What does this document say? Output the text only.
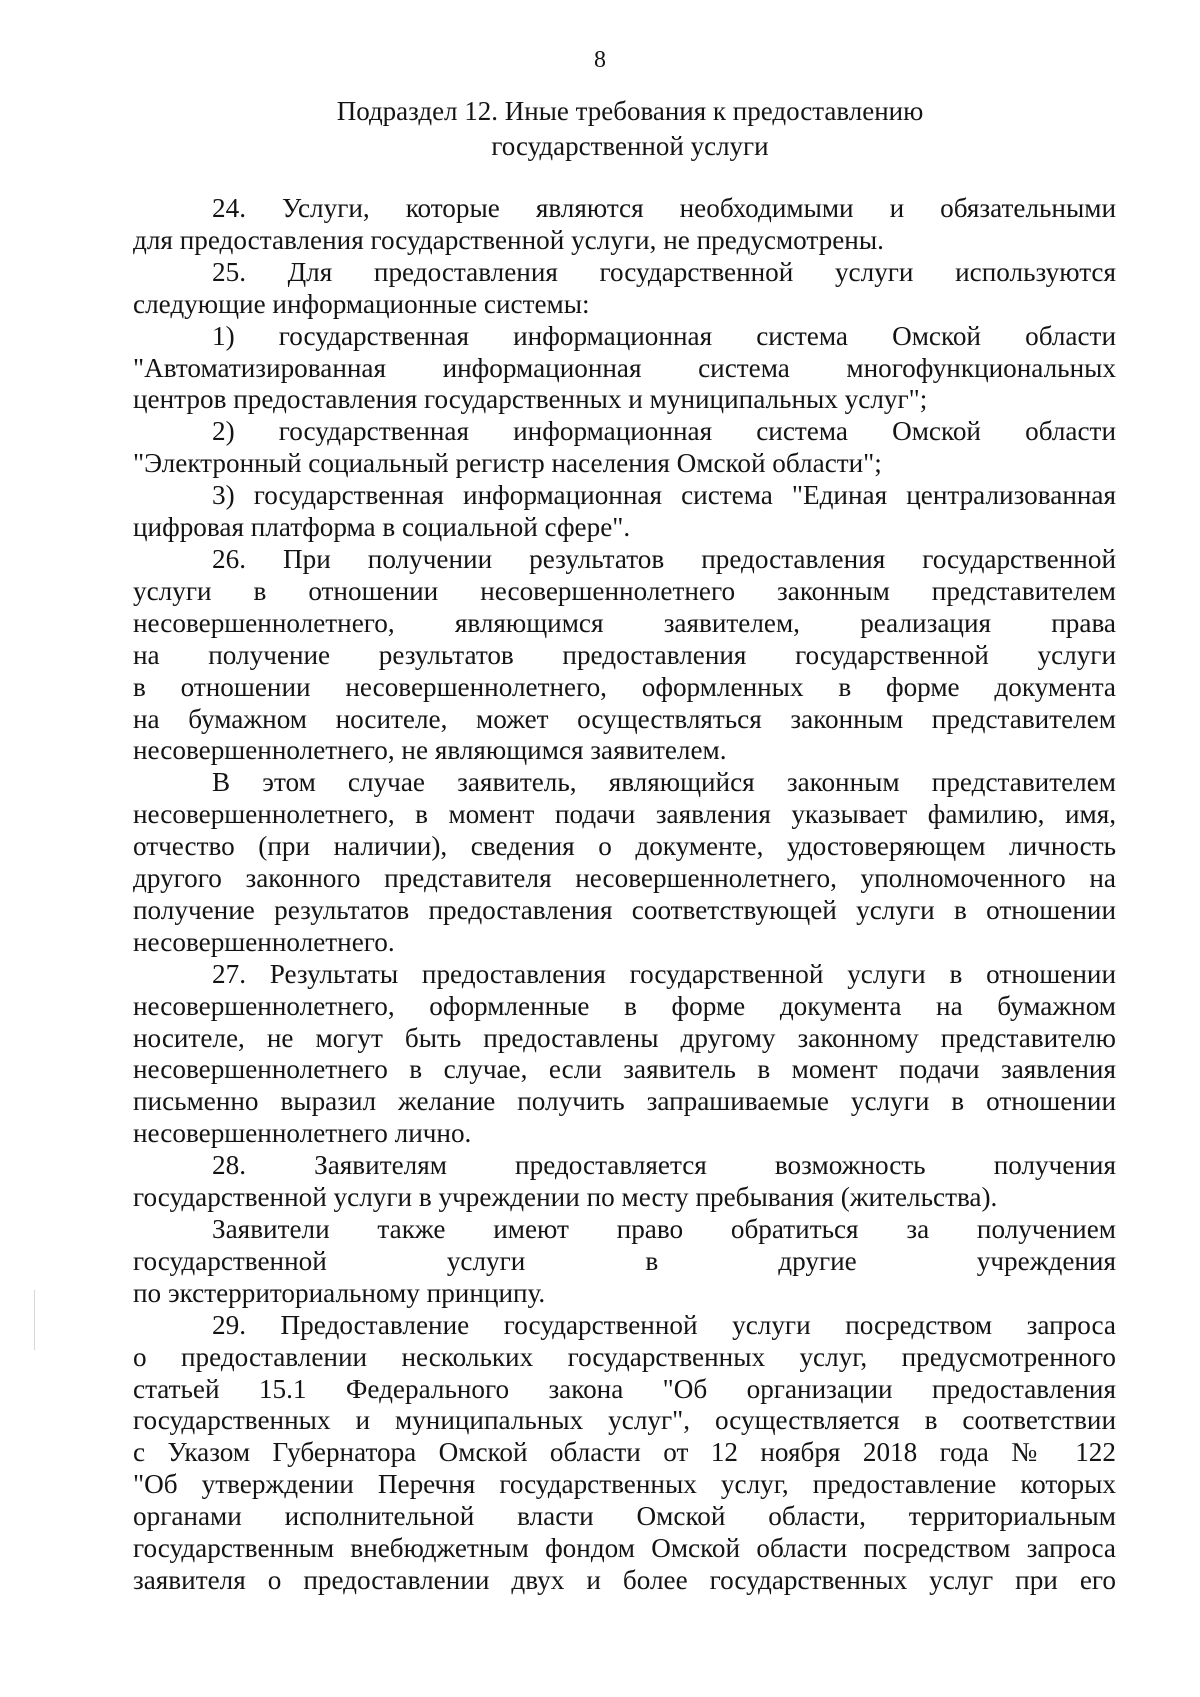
8
Подраздел 12. Иные требования к предоставлению
государственной услуги

24. Услуги, которые являются необходимыми и обязательными
для предоставления государственной услуги, не предусмотрены.

25. Для предоставления государственной услуги используются
следующие информационные системы:

1) государственная информационная система Омской области
"Автоматизированная информационная система многофункциональных
центров предоставления государственных и муниципальных услуг";

2) государственная информационная система Омской области
"Электронный социальный регистр населения Омской области";

3) государственная информационная система "Единая централизованная
цифровая платформа в социальной сфере".

26. При получении результатов предоставления государственной
услуги в отношении несовершеннолетнего законным представителем
несовершеннолетнего, являющимся заявителем, реализация права
на получение результатов предоставления государственной услуги
в отношении несовершеннолетнего, оформленных в форме документа
на бумажном носителе, может осуществляться законным представителем
несовершеннолетнего, не являющимся заявителем.

В этом случае заявитель, являющийся законным представителем
несовершеннолетнего, в момент подачи заявления указывает фамилию, имя,
отчество (при наличии), сведения о документе, удостоверяющем личность
другого законного представителя несовершеннолетнего, уполномоченного на
получение результатов предоставления соответствующей услуги в отношении
несовершеннолетнего.

27. Результаты предоставления государственной услуги в отношении
несовершеннолетнего, оформленные в форме документа на бумажном
носителе, не могут быть предоставлены другому законному представителю
несовершеннолетнего в случае, если заявитель в момент подачи заявления
письменно выразил желание получить запрашиваемые услуги в отношении
несовершеннолетнего лично.

28. Заявителям предоставляется возможность получения
государственной услуги в учреждении по месту пребывания (жительства).

Заявители также имеют право обратиться за получением
государственной услуги в другие учреждения
по экстерриториальному принципу.

29. Предоставление государственной услуги посредством запроса
о предоставлении нескольких государственных услуг, предусмотренного
статьей 15.1 Федерального закона "Об организации предоставления
государственных и муниципальных услуг", осуществляется в соответствии
с Указом Губернатора Омской области от 12 ноября 2018 года № 122
"Об утверждении Перечня государственных услуг, предоставление которых
органами исполнительной власти Омской области, территориальным
государственным внебюджетным фондом Омской области посредством запроса
заявителя о предоставлении двух и более государственных услуг при его
